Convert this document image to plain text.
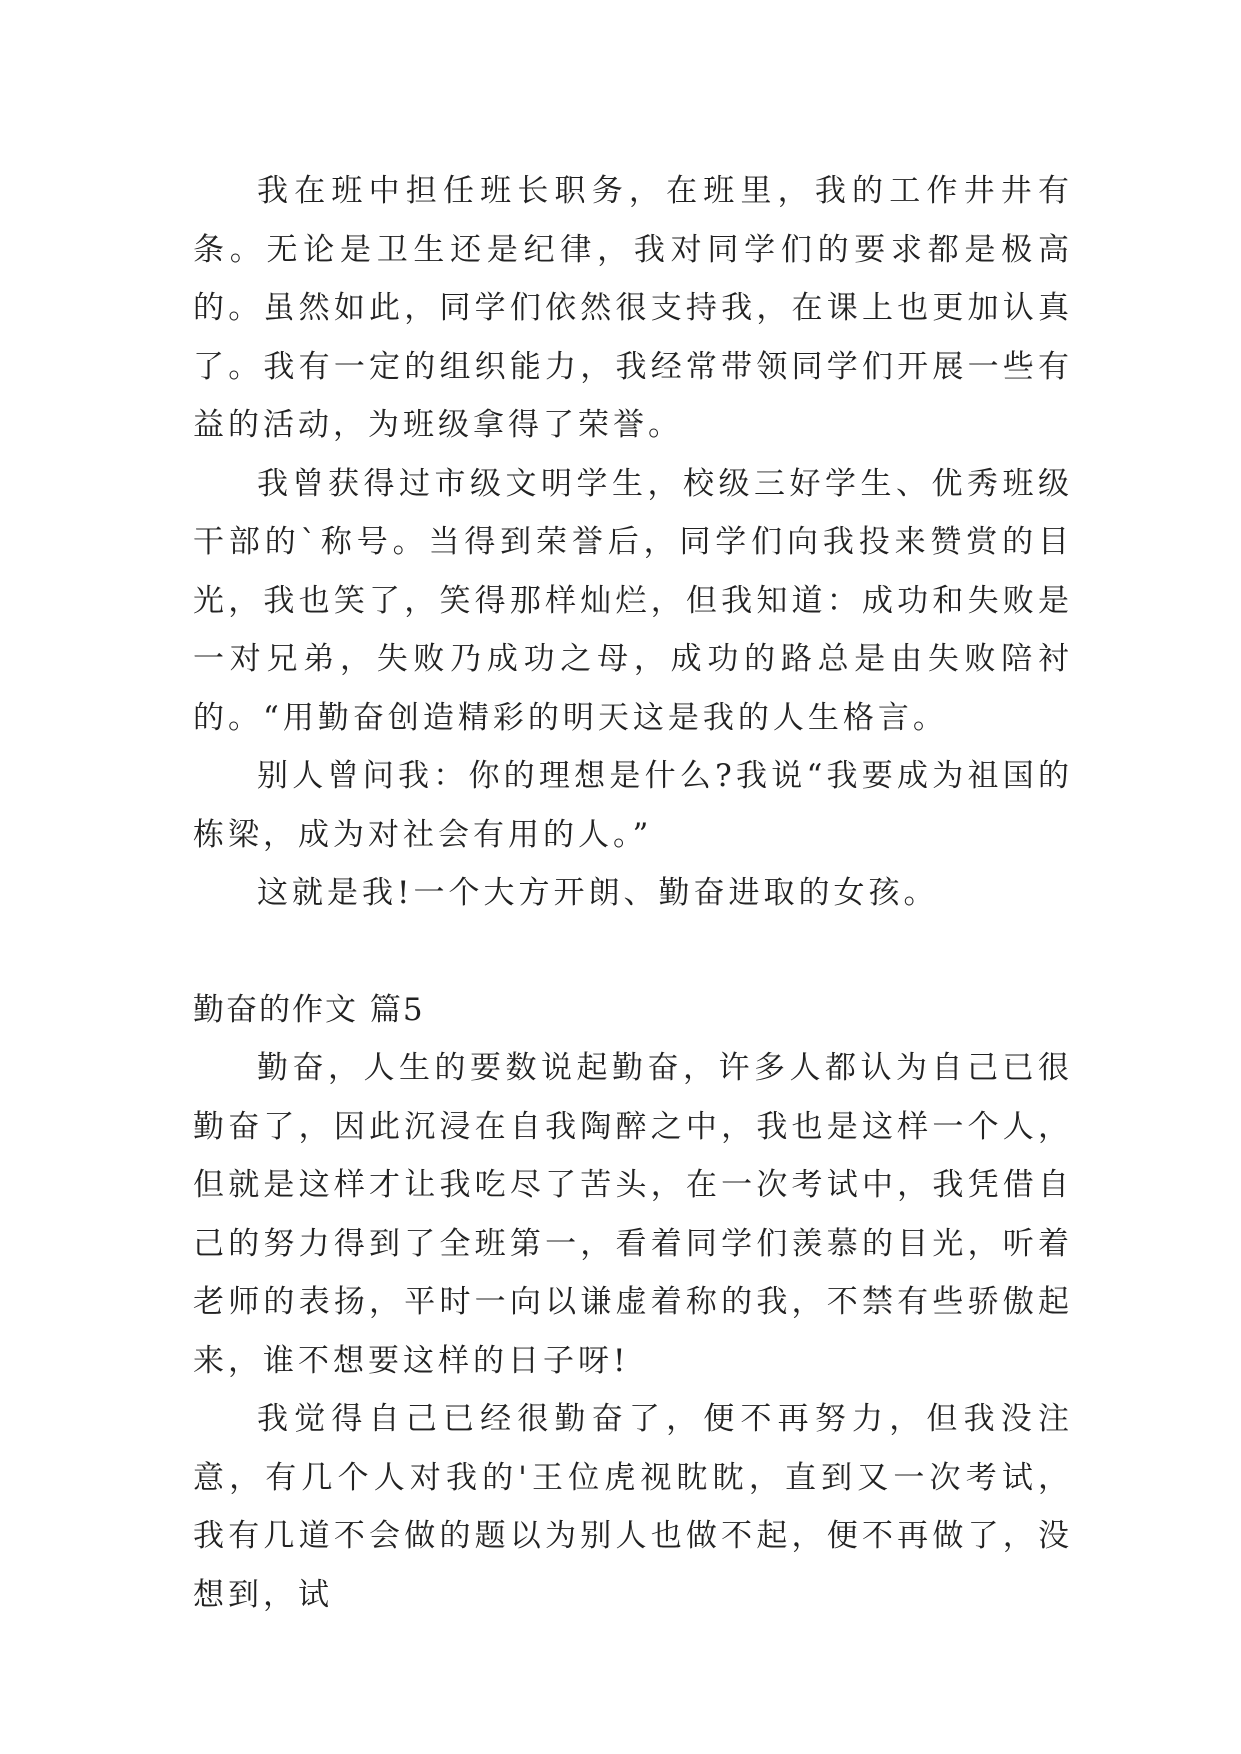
我在班中担任班长职务，在班里，我的工作井井有条。无论是卫生还是纪律，我对同学们的要求都是极高的。虽然如此，同学们依然很支持我，在课上也更加认真了。我有一定的组织能力，我经常带领同学们开展一些有益的活动，为班级拿得了荣誉。

我曾获得过市级文明学生，校级三好学生、优秀班级干部的`称号。当得到荣誉后，同学们向我投来赞赏的目光，我也笑了，笑得那样灿烂，但我知道：成功和失败是一对兄弟，失败乃成功之母，成功的路总是由失败陪衬的。“用勤奋创造精彩的明天这是我的人生格言。

别人曾问我：你的理想是什么?我说“我要成为祖国的栋梁，成为对社会有用的人。”

这就是我!一个大方开朗、勤奋进取的女孩。

勤奋的作文 篇5

勤奋，人生的要数说起勤奋，许多人都认为自己已很勤奋了，因此沉浸在自我陶醉之中，我也是这样一个人，但就是这样才让我吃尽了苦头，在一次考试中，我凭借自己的努力得到了全班第一，看着同学们羡慕的目光，听着老师的表扬，平时一向以谦虚着称的我，不禁有些骄傲起来，谁不想要这样的日子呀!

我觉得自己已经很勤奋了，便不再努力，但我没注意，有几个人对我的'王位虎视眈眈，直到又一次考试，我有几道不会做的题以为别人也做不起，便不再做了，没想到，试
